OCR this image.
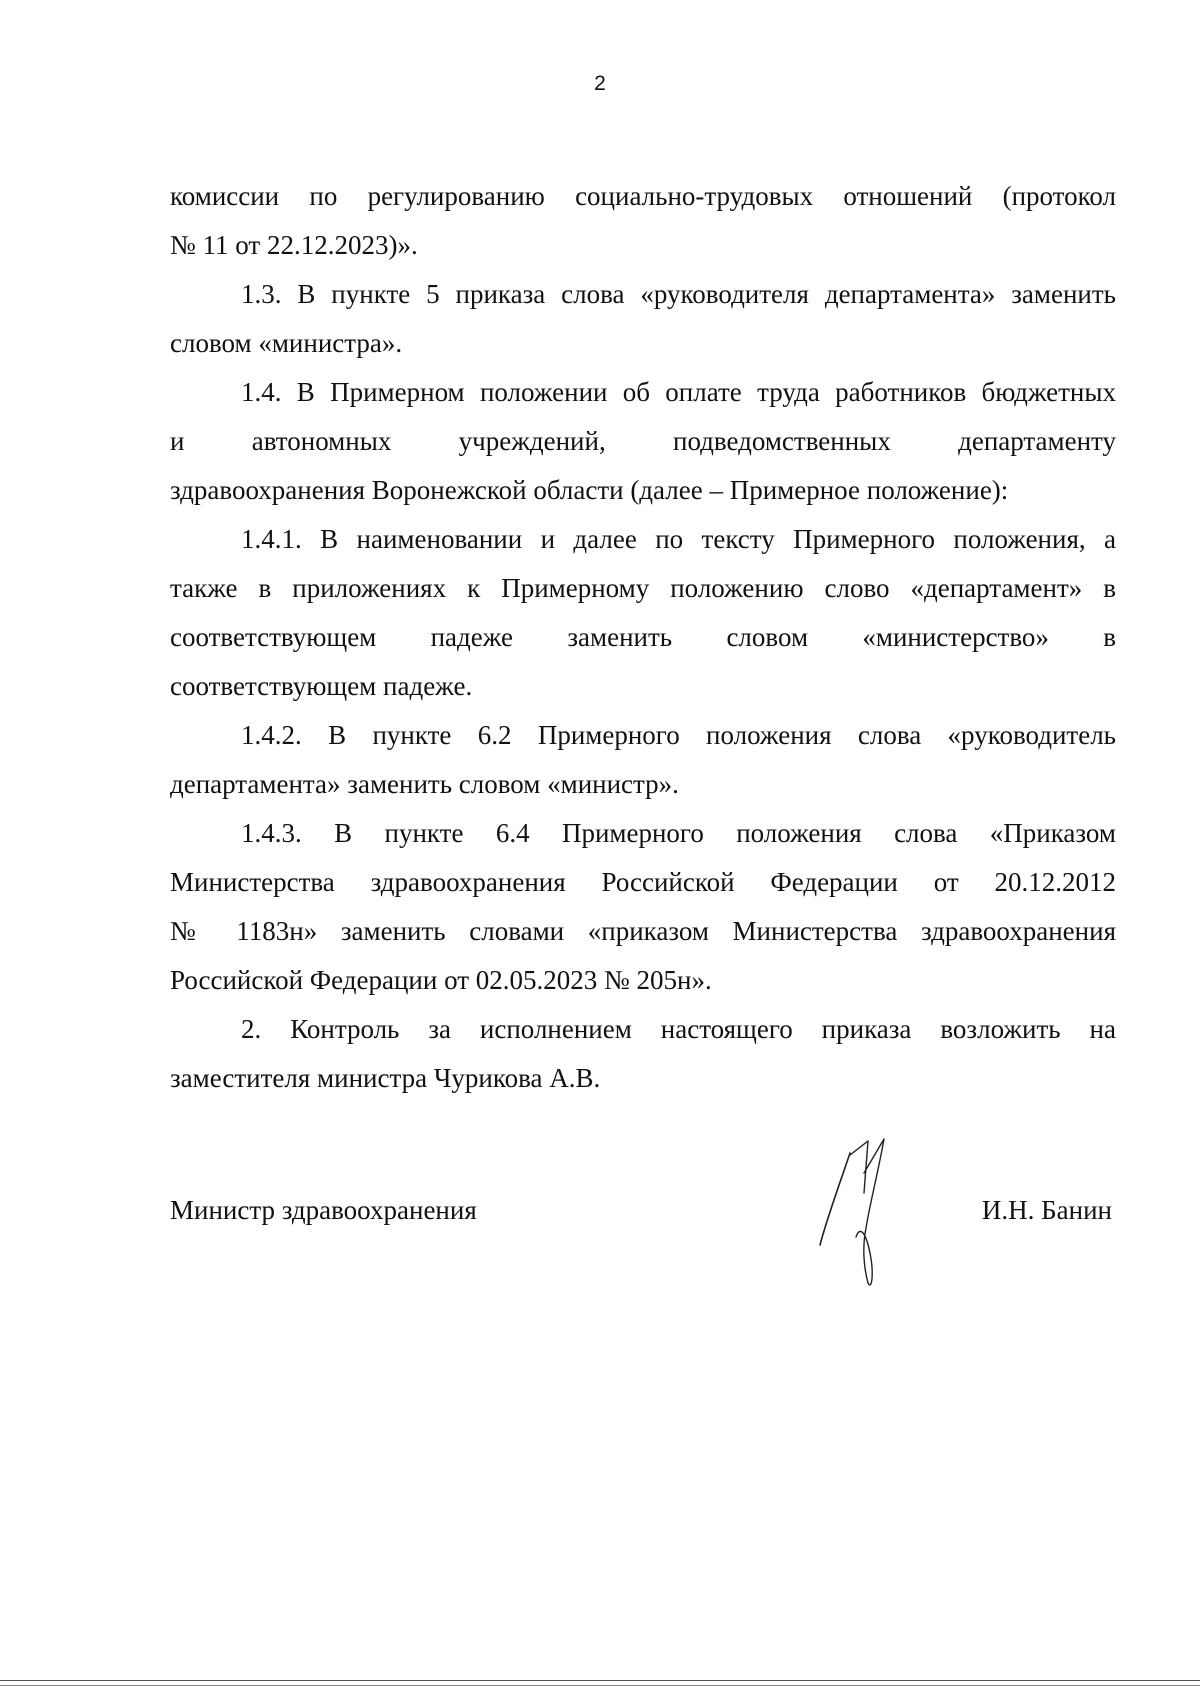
2

комиссии по регулированию социально-трудовых отношений (протокол
№ 11 от 22.12.2023)».

1.3. В пункте 5 приказа слова «руководителя департамента» заменить
словом «министра».

1.4. В Примерном положении об оплате труда работников бюджетных
и автономных учреждений, подведомственных департаменту
здравоохранения Воронежской области (далее – Примерное положение):

1.4.1. В наименовании и далее по тексту Примерного положения, а
также в приложениях к Примерному положению слово «департамент» в
соответствующем падеже заменить словом «министерство» в
соответствующем падеже.

1.4.2. В пункте 6.2 Примерного положения слова «руководитель
департамента» заменить словом «министр».

1.4.3. В пункте 6.4 Примерного положения слова «Приказом
Министерства здравоохранения Российской Федерации от 20.12.2012
№ 1183н» заменить словами «приказом Министерства здравоохранения
Российской Федерации от 02.05.2023 № 205н».

2. Контроль за исполнением настоящего приказа возложить на
заместителя министра Чурикова А.В.

Министр здравоохранения	И.Н. Банин
